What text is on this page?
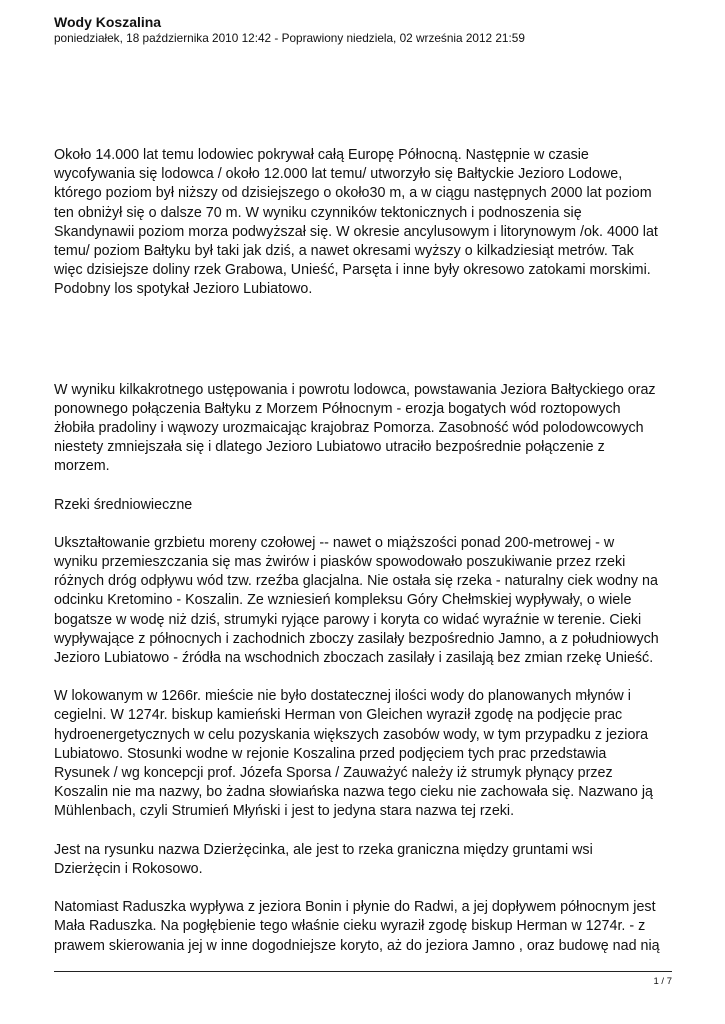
Wody Koszalina

poniedziałek, 18 października 2010 12:42 - Poprawiony niedziela, 02 września 2012 21:59

Około 14.000 lat temu lodowiec pokrywał całą Europę Północną. Następnie w czasie
wycofywania się lodowca / około 12.000 lat temu/ utworzyło się Bałtyckie Jezioro Lodowe,
którego poziom był niższy od dzisiejszego o około30 m, a w ciągu następnych 2000 lat poziom
ten obniżył się o dalsze 70 m. W wyniku czynników tektonicznych i podnoszenia się
Skandynawii poziom morza podwyższał się. W okresie ancylusowym i litorynowym /ok. 4000 lat
temu/ poziom Bałtyku był taki jak dziś, a nawet okresami wyższy o kilkadziesiąt metrów. Tak
więc dzisiejsze doliny rzek Grabowa, Unieść, Parsęta i inne były okresowo zatokami morskimi.
Podobny los spotykał Jezioro Lubiatowo.

W wyniku kilkakrotnego ustępowania i powrotu lodowca, powstawania Jeziora Bałtyckiego oraz
ponownego połączenia Bałtyku z Morzem Północnym - erozja bogatych wód roztopowych
żłobiła pradoliny i wąwozy urozmaicając krajobraz Pomorza. Zasobność wód polodowcowych
niestety zmniejszała się i dlatego Jezioro Lubiatowo utraciło bezpośrednie połączenie z
morzem.

Rzeki średniowieczne

Ukształtowanie grzbietu moreny czołowej -- nawet o miąższości ponad 200-metrowej - w
wyniku przemieszczania się mas żwirów i piasków spowodowało poszukiwanie przez rzeki
różnych dróg odpływu wód tzw. rzeźba glacjalna. Nie ostała się rzeka - naturalny ciek wodny na
odcinku Kretomino - Koszalin. Ze wzniesień kompleksu Góry Chełmskiej wypływały, o wiele
bogatsze w wodę niż dziś, strumyki ryjące parowy i koryta co widać wyraźnie w terenie. Cieki
wypływające z północnych i zachodnich zboczy zasilały bezpośrednio Jamno, a z południowych
Jezioro Lubiatowo - źródła na wschodnich zboczach zasilały i zasilają bez zmian rzekę Unieść.

W lokowanym w 1266r. mieście nie było dostatecznej ilości wody do planowanych młynów i
cegielni. W 1274r. biskup kamieński Herman von Gleichen wyraził zgodę na podjęcie prac
hydroenergetycznych w celu pozyskania większych zasobów wody, w tym przypadku z jeziora
Lubiatowo. Stosunki wodne w rejonie Koszalina przed podjęciem tych prac przedstawia
Rysunek / wg koncepcji prof. Józefa Sporsa / Zauważyć należy iż strumyk płynący przez
Koszalin nie ma nazwy, bo żadna słowiańska nazwa tego cieku nie zachowała się. Nazwano ją
Mühlenbach, czyli Strumień Młyński i jest to jedyna stara nazwa tej rzeki.

Jest na rysunku nazwa Dzierżęcinka, ale jest to rzeka graniczna między gruntami wsi
Dzierżęcin i Rokosowo.

Natomiast Raduszka wypływa z jeziora Bonin i płynie do Radwi, a jej dopływem północnym jest
Mała Raduszka. Na pogłębienie tego właśnie cieku wyraził zgodę biskup Herman w 1274r. - z
prawem skierowania jej w inne dogodniejsze koryto, aż do jeziora Jamno , oraz budowę nad nią

1 / 7
